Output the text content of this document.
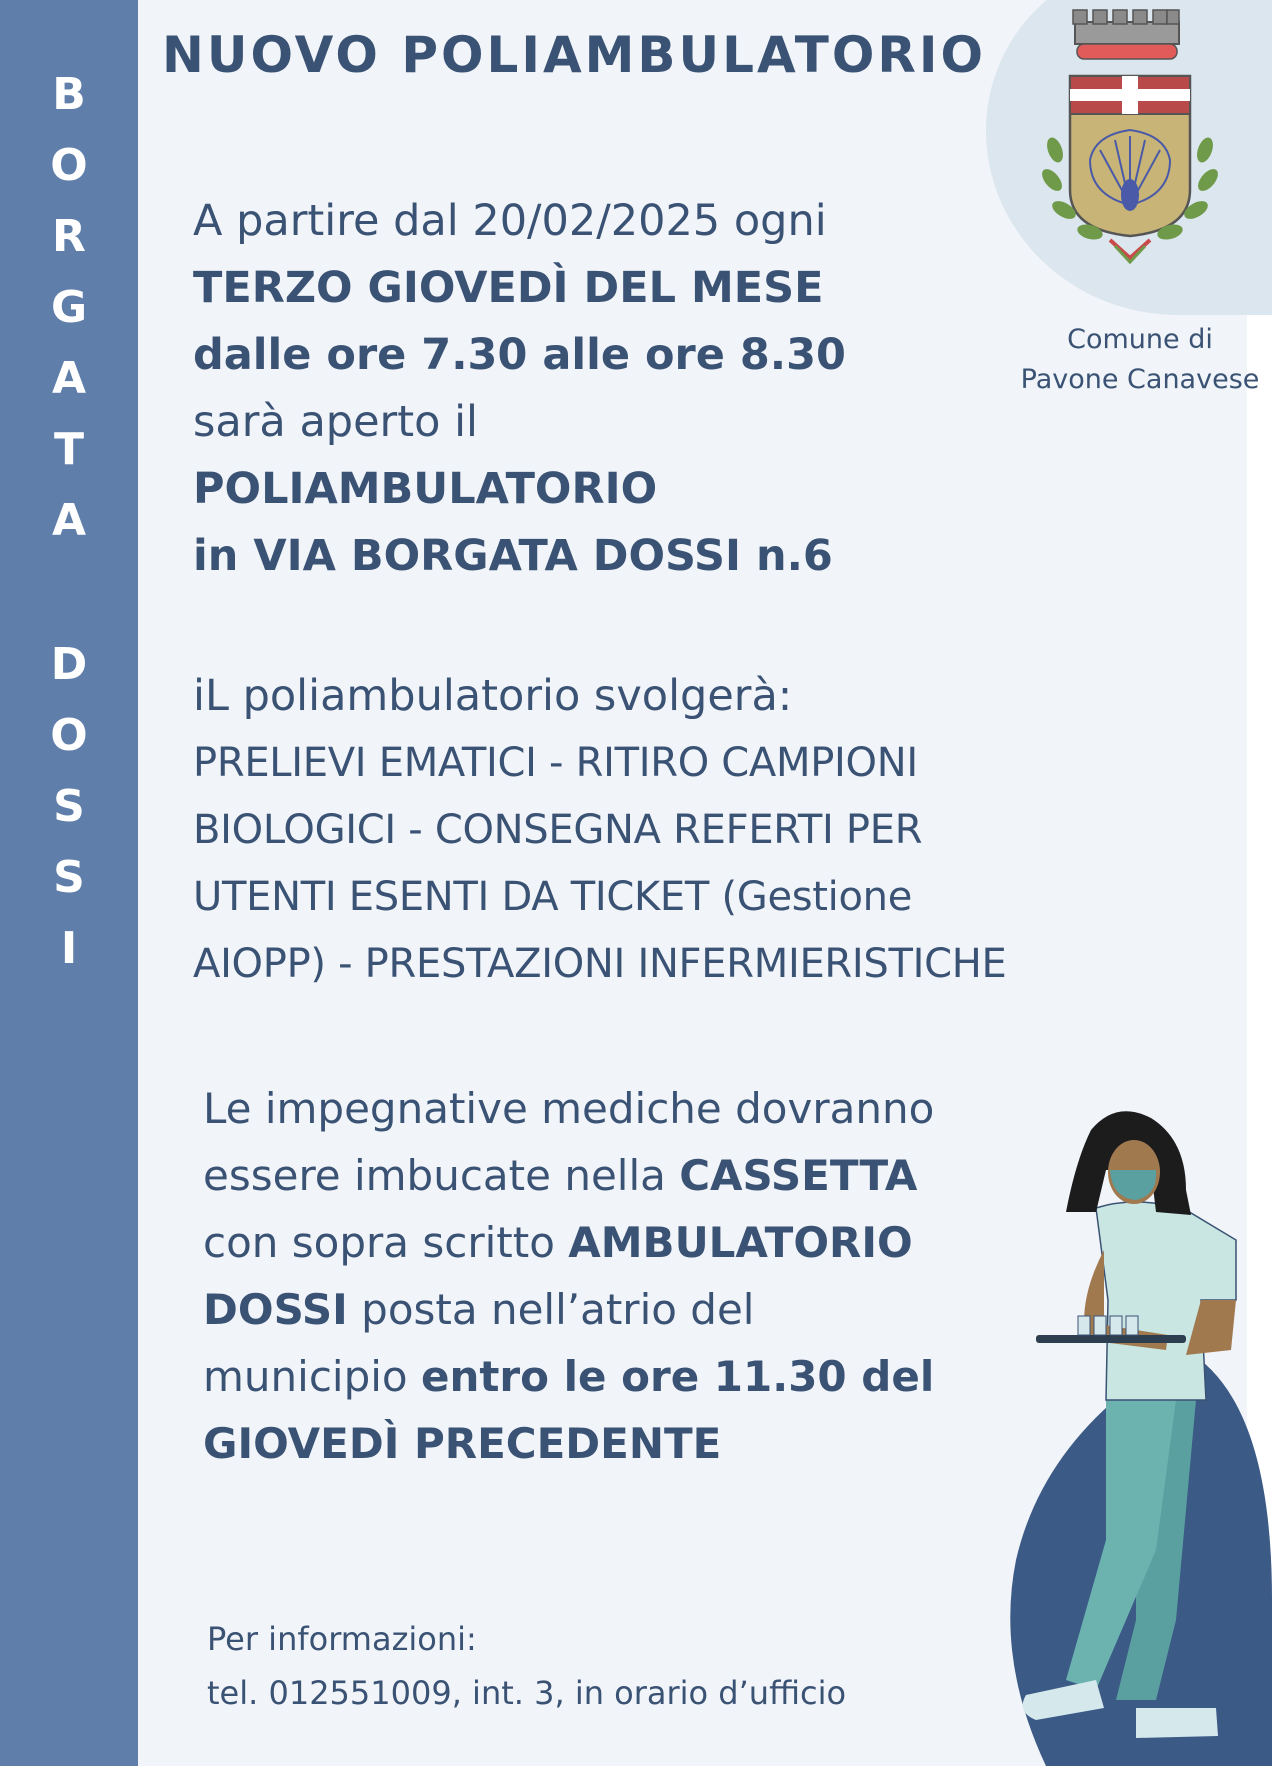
B
O
R
G
A
T
A
D
O
S
S
I
NUOVO POLIAMBULATORIO
Comune di
Pavone Canavese
A partire dal 20/02/2025 ogni
TERZO GIOVEDÌ DEL MESE
dalle ore 7.30 alle ore 8.30
sarà aperto il
POLIAMBULATORIO
in VIA BORGATA DOSSI n.6
iL poliambulatorio svolgerà:
PRELIEVI EMATICI - RITIRO CAMPIONI
BIOLOGICI - CONSEGNA REFERTI PER
UTENTI ESENTI DA TICKET (Gestione
AIOPP) - PRESTAZIONI INFERMIERISTICHE
Le impegnative mediche dovranno
essere imbucate nella CASSETTA
con sopra scritto AMBULATORIO
DOSSI posta nell’atrio del
municipio entro le ore 11.30 del
GIOVEDÌ PRECEDENTE
Per informazioni:
tel. 012551009, int. 3, in orario d’ufficio
